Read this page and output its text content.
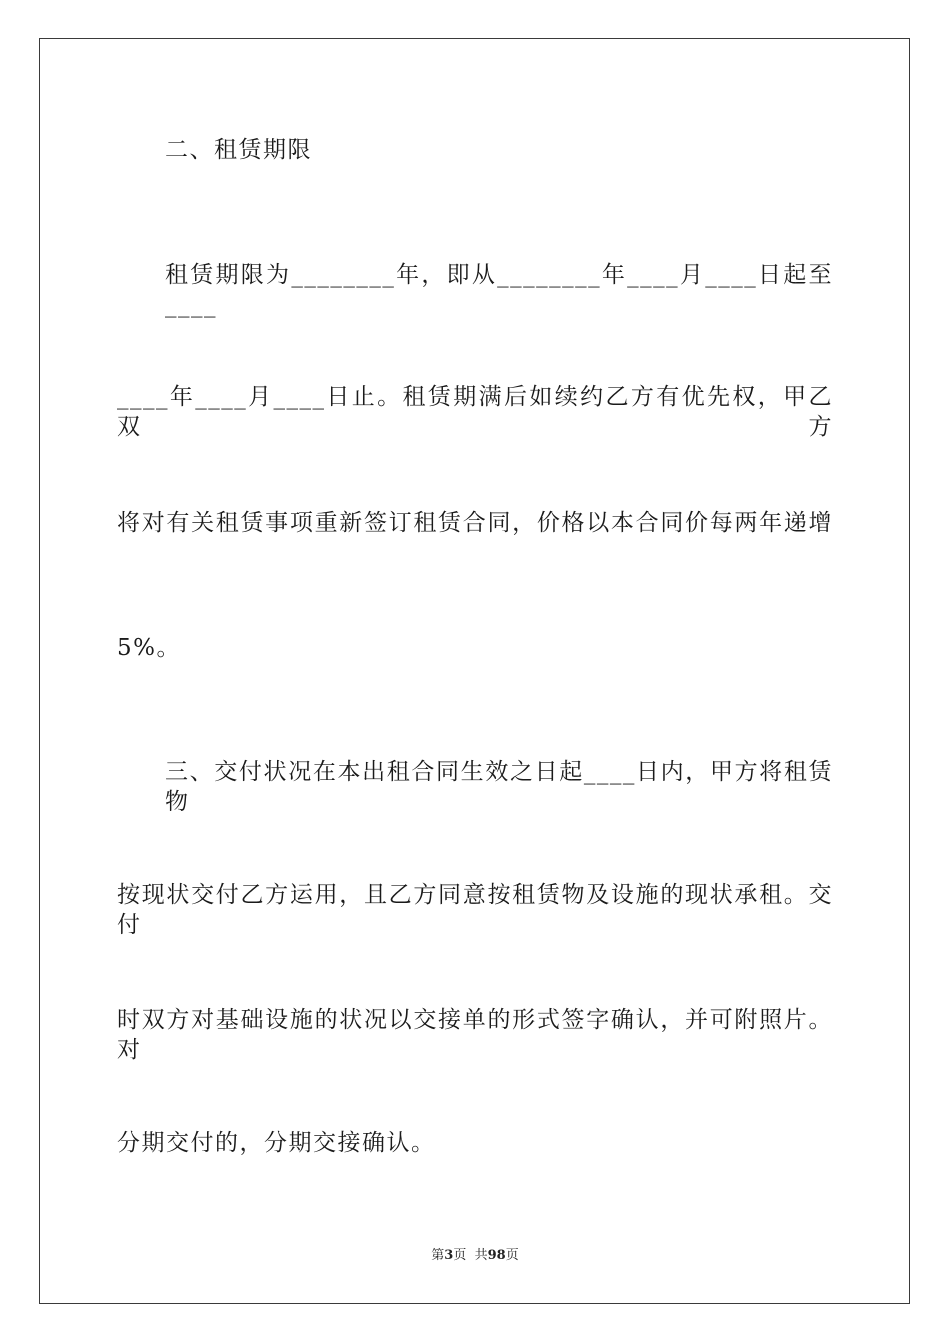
二、租赁期限
租赁期限为________年，即从________年____月____日起至____
____年____月____日止。租赁期满后如续约乙方有优先权，甲乙双方
将对有关租赁事项重新签订租赁合同，价格以本合同价每两年递增
5%。
三、交付状况在本出租合同生效之日起____日内，甲方将租赁物
按现状交付乙方运用，且乙方同意按租赁物及设施的现状承租。交付
时双方对基础设施的状况以交接单的形式签字确认，并可附照片。对
分期交付的，分期交接确认。
第3页  共98页
